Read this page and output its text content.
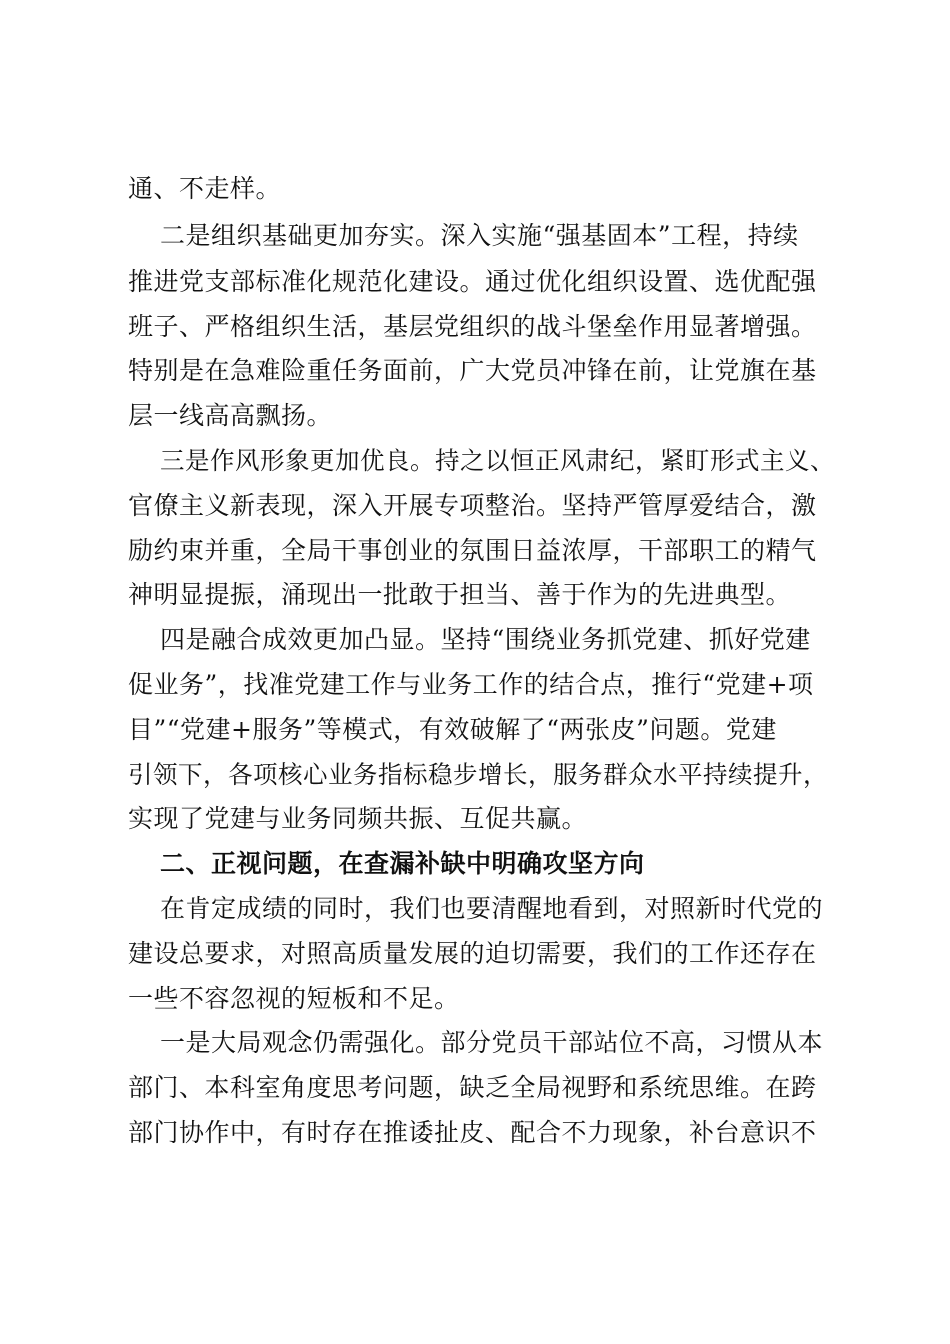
通、不走样。
二是组织基础更加夯实。深入实施“强基固本”工程，持续
推进党支部标准化规范化建设。通过优化组织设置、选优配强
班子、严格组织生活，基层党组织的战斗堡垒作用显著增强。
特别是在急难险重任务面前，广大党员冲锋在前，让党旗在基
层一线高高飘扬。
三是作风形象更加优良。持之以恒正风肃纪，紧盯形式主义、
官僚主义新表现，深入开展专项整治。坚持严管厚爱结合，激
励约束并重，全局干事创业的氛围日益浓厚，干部职工的精气
神明显提振，涌现出一批敢于担当、善于作为的先进典型。
四是融合成效更加凸显。坚持“围绕业务抓党建、抓好党建
促业务”，找准党建工作与业务工作的结合点，推行“党建+项
目”“党建+服务”等模式，有效破解了“两张皮”问题。党建
引领下，各项核心业务指标稳步增长，服务群众水平持续提升，
实现了党建与业务同频共振、互促共赢。
二、正视问题，在查漏补缺中明确攻坚方向
在肯定成绩的同时，我们也要清醒地看到，对照新时代党的
建设总要求，对照高质量发展的迫切需要，我们的工作还存在
一些不容忽视的短板和不足。
一是大局观念仍需强化。部分党员干部站位不高，习惯从本
部门、本科室角度思考问题，缺乏全局视野和系统思维。在跨
部门协作中，有时存在推诿扯皮、配合不力现象，补台意识不
